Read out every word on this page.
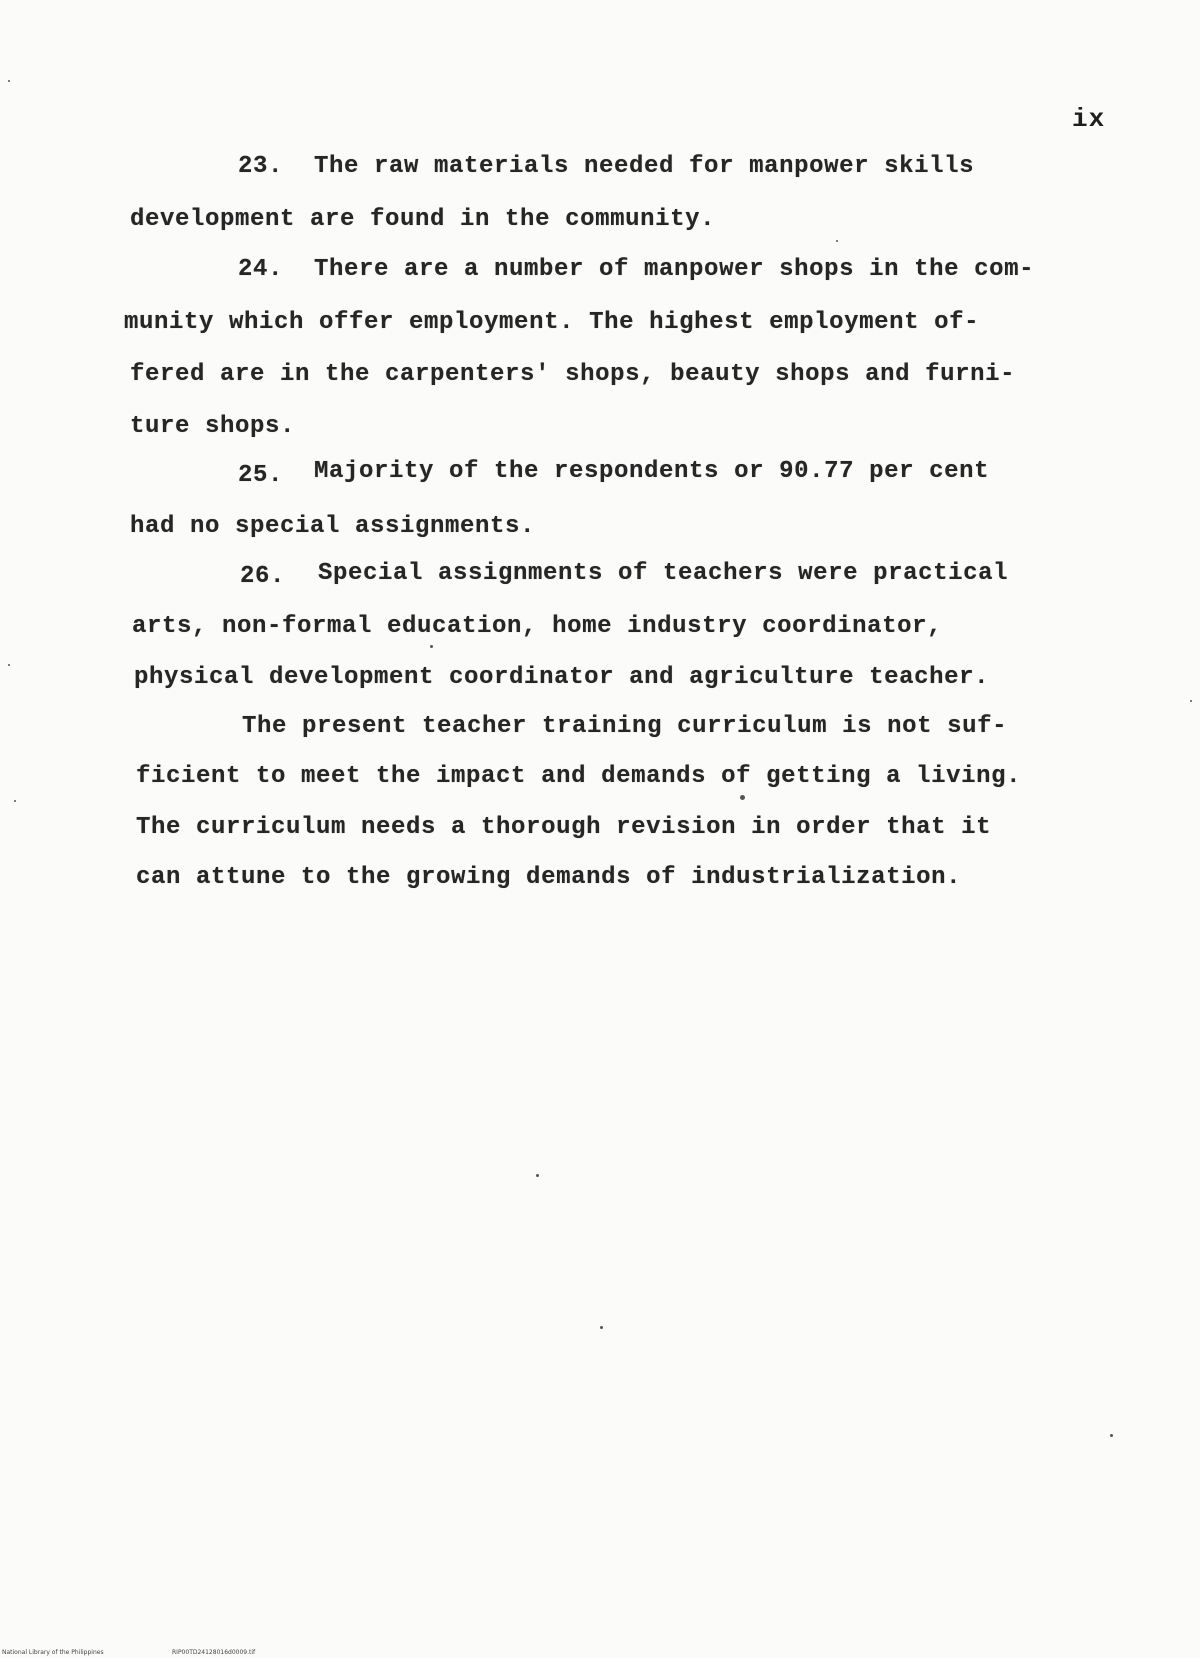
ix
23. The raw materials needed for manpower skills
development are found in the community.
24. There are a number of manpower shops in the com-
munity which offer employment. The highest employment of-
fered are in the carpenters' shops, beauty shops and furni-
ture shops.
25. Majority of the respondents or 90.77 per cent
had no special assignments.
26. Special assignments of teachers were practical
arts, non-formal education, home industry coordinator,
physical development coordinator and agriculture teacher.
The present teacher training curriculum is not suf-
ficient to meet the impact and demands of getting a living.
The curriculum needs a thorough revision in order that it
can attune to the growing demands of industrialization.
National Library of the Philippines	RIP00TD24128016d0009.tif
